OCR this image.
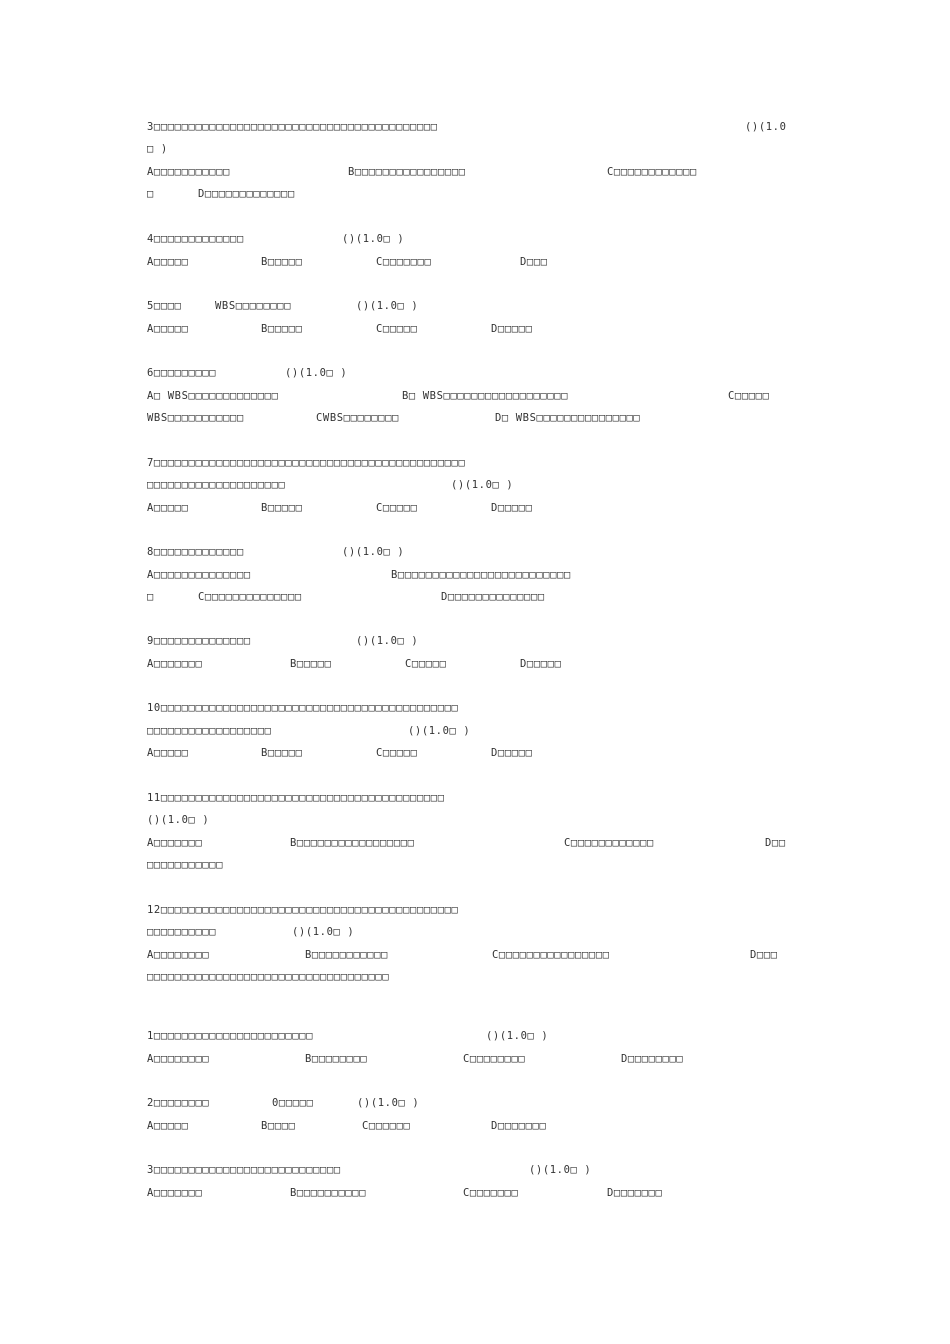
3□□□□□□□□□□□□□□□□□□□□□□□□□□□□□□□□□□□□□□□□□	()(1.0
□ )
A□□□□□□□□□□□	B□□□□□□□□□□□□□□□□	C□□□□□□□□□□□□
□	D□□□□□□□□□□□□□
4□□□□□□□□□□□□□	()(1.0□ )
A□□□□□	B□□□□□	C□□□□□□□	D□□□
5□□□□	WBS□□□□□□□□	()(1.0□ )
A□□□□□	B□□□□□	C□□□□□	D□□□□□
6□□□□□□□□□	()(1.0□ )
A□ WBS□□□□□□□□□□□□□	B□ WBS□□□□□□□□□□□□□□□□□□	C□□□□□
WBS□□□□□□□□□□□	CWBS□□□□□□□□	D□ WBS□□□□□□□□□□□□□□□
7□□□□□□□□□□□□□□□□□□□□□□□□□□□□□□□□□□□□□□□□□□□□□
□□□□□□□□□□□□□□□□□□□□	()(1.0□ )
A□□□□□	B□□□□□	C□□□□□	D□□□□□
8□□□□□□□□□□□□□	()(1.0□ )
A□□□□□□□□□□□□□□	B□□□□□□□□□□□□□□□□□□□□□□□□□
□	C□□□□□□□□□□□□□□	D□□□□□□□□□□□□□□
9□□□□□□□□□□□□□□	()(1.0□ )
A□□□□□□□	B□□□□□	C□□□□□	D□□□□□
10□□□□□□□□□□□□□□□□□□□□□□□□□□□□□□□□□□□□□□□□□□□
□□□□□□□□□□□□□□□□□□	()(1.0□ )
A□□□□□	B□□□□□	C□□□□□	D□□□□□
11□□□□□□□□□□□□□□□□□□□□□□□□□□□□□□□□□□□□□□□□□
()(1.0□ )
A□□□□□□□	B□□□□□□□□□□□□□□□□□	C□□□□□□□□□□□□	D□□
□□□□□□□□□□□
12□□□□□□□□□□□□□□□□□□□□□□□□□□□□□□□□□□□□□□□□□□□
□□□□□□□□□□	()(1.0□ )
A□□□□□□□□	B□□□□□□□□□□□	C□□□□□□□□□□□□□□□□	D□□□
□□□□□□□□□□□□□□□□□□□□□□□□□□□□□□□□□□□
1□□□□□□□□□□□□□□□□□□□□□□□	()(1.0□ )
A□□□□□□□□	B□□□□□□□□	C□□□□□□□□	D□□□□□□□□
2□□□□□□□□	0□□□□□	()(1.0□ )
A□□□□□	B□□□□	C□□□□□□	D□□□□□□□
3□□□□□□□□□□□□□□□□□□□□□□□□□□□	()(1.0□ )
A□□□□□□□	B□□□□□□□□□□	C□□□□□□□	D□□□□□□□
